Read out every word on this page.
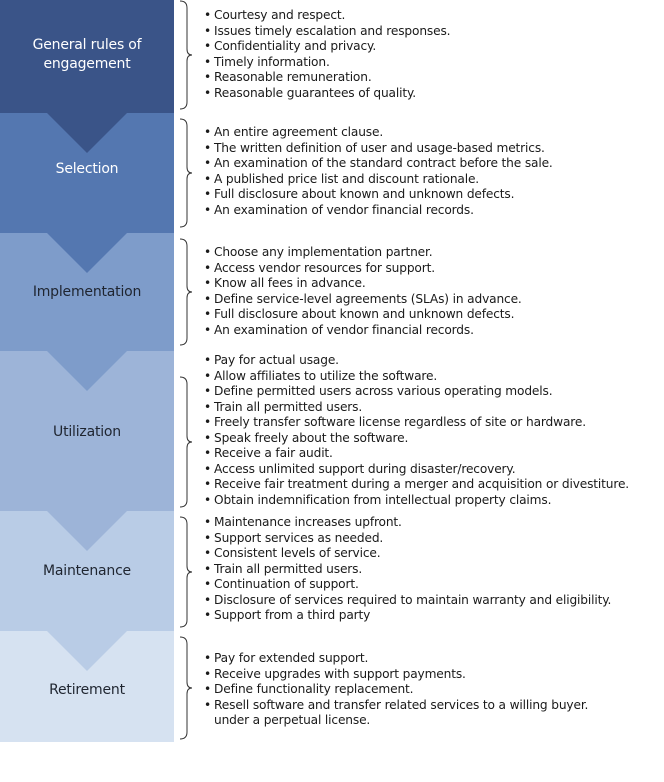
General rules of
engagement
• Courtesy and respect.
• Issues timely escalation and responses.
• Confidentiality and privacy.
• Timely information.
• Reasonable remuneration.
• Reasonable guarantees of quality.
Selection
• An entire agreement clause.
• The written definition of user and usage-based metrics.
• An examination of the standard contract before the sale.
• A published price list and discount rationale.
• Full disclosure about known and unknown defects.
• An examination of vendor financial records.
Implementation
• Choose any implementation partner.
• Access vendor resources for support.
• Know all fees in advance.
• Define service-level agreements (SLAs) in advance.
• Full disclosure about known and unknown defects.
• An examination of vendor financial records.
Utilization
• Pay for actual usage.
• Allow affiliates to utilize the software.
• Define permitted users across various operating models.
• Train all permitted users.
• Freely transfer software license regardless of site or hardware.
• Speak freely about the software.
• Receive a fair audit.
• Access unlimited support during disaster/recovery.
• Receive fair treatment during a merger and acquisition or divestiture.
• Obtain indemnification from intellectual property claims.
Maintenance
• Maintenance increases upfront.
• Support services as needed.
• Consistent levels of service.
• Train all permitted users.
• Continuation of support.
• Disclosure of services required to maintain warranty and eligibility.
• Support from a third party
Retirement
• Pay for extended support.
• Receive upgrades with support payments.
• Define functionality replacement.
• Resell software and transfer related services to a willing buyer.
under a perpetual license.
